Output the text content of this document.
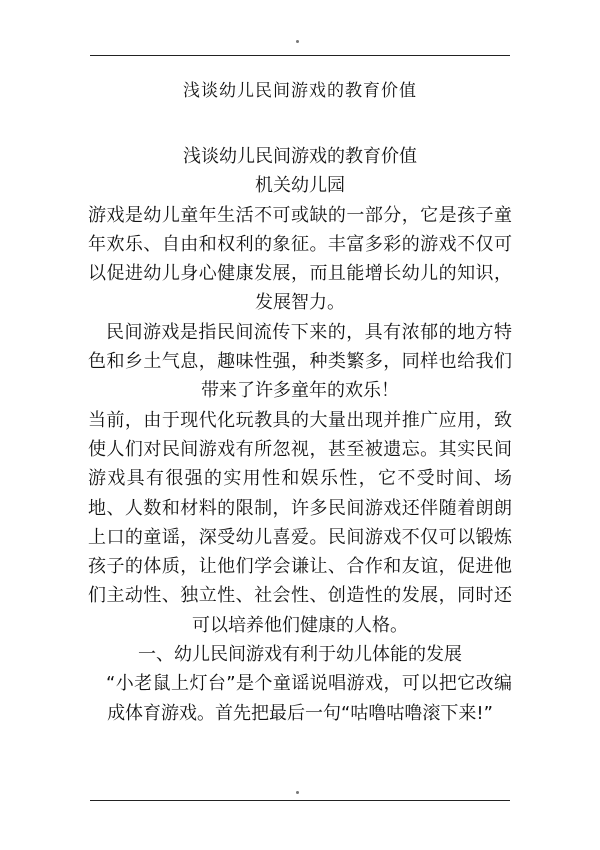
浅谈幼儿民间游戏的教育价值

浅谈幼儿民间游戏的教育价值

机关幼儿园

游戏是幼儿童年生活不可或缺的一部分，它是孩子童年欢乐、自由和权利的象征。丰富多彩的游戏不仅可以促进幼儿身心健康发展，而且能增长幼儿的知识，发展智力。

民间游戏是指民间流传下来的，具有浓郁的地方特色和乡土气息，趣味性强，种类繁多，同样也给我们带来了许多童年的欢乐！

当前，由于现代化玩教具的大量出现并推广应用，致使人们对民间游戏有所忽视，甚至被遗忘。其实民间游戏具有很强的实用性和娱乐性，它不受时间、场地、人数和材料的限制，许多民间游戏还伴随着朗朗上口的童谣，深受幼儿喜爱。民间游戏不仅可以锻炼孩子的体质，让他们学会谦让、合作和友谊，促进他们主动性、独立性、社会性、创造性的发展，同时还可以培养他们健康的人格。

一、幼儿民间游戏有利于幼儿体能的发展

“小老鼠上灯台”是个童谣说唱游戏，可以把它改编成体育游戏。首先把最后一句“咕噜咕噜滚下来!”
